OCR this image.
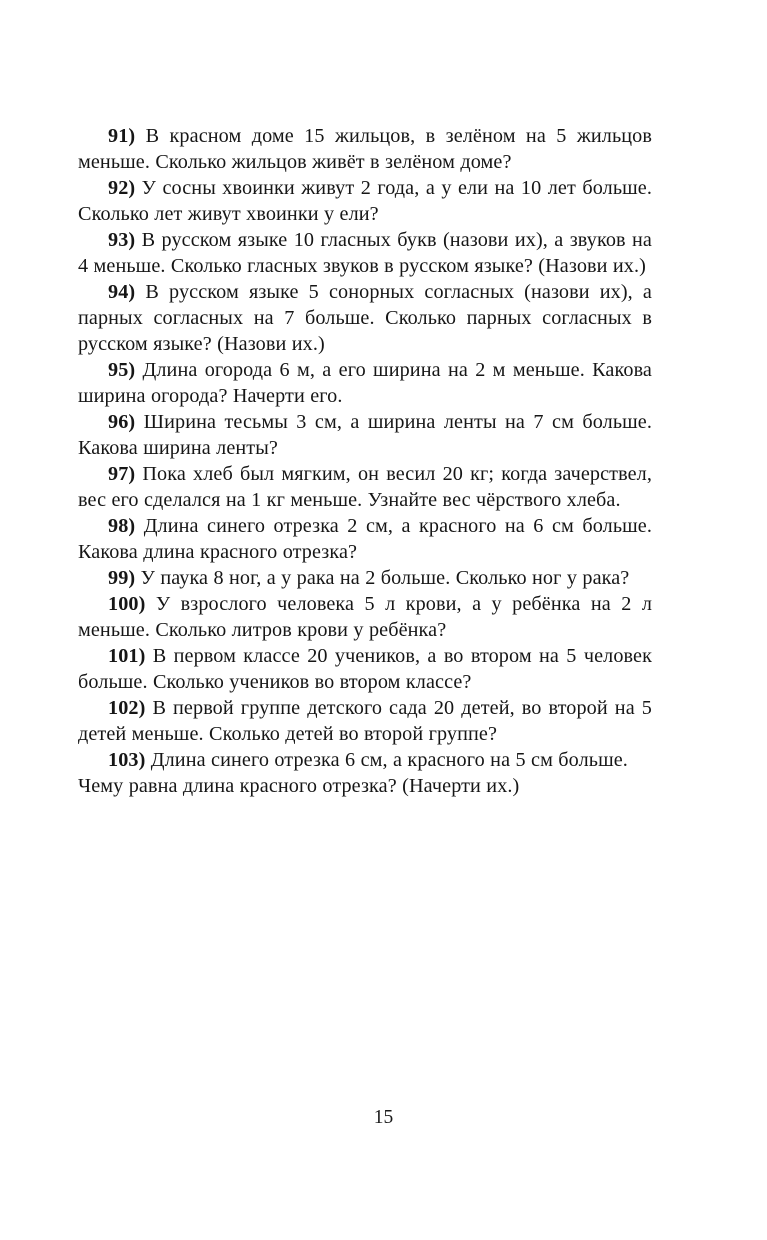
91) В красном доме 15 жильцов, в зелёном на 5 жильцов меньше. Сколько жильцов живёт в зелёном доме?

92) У сосны хвоинки живут 2 года, а у ели на 10 лет больше. Сколько лет живут хвоинки у ели?

93) В русском языке 10 гласных букв (назови их), а звуков на 4 меньше. Сколько гласных звуков в русском языке? (Назови их.)

94) В русском языке 5 сонорных согласных (назови их), а парных согласных на 7 больше. Сколько парных согласных в русском языке? (Назови их.)

95) Длина огорода 6 м, а его ширина на 2 м меньше. Какова ширина огорода? Начерти его.

96) Ширина тесьмы 3 см, а ширина ленты на 7 см больше. Какова ширина ленты?

97) Пока хлеб был мягким, он весил 20 кг; когда зачерствел, вес его сделался на 1 кг меньше. Узнайте вес чёрствого хлеба.

98) Длина синего отрезка 2 см, а красного на 6 см больше. Какова длина красного отрезка?

99) У паука 8 ног, а у рака на 2 больше. Сколько ног у рака?

100) У взрослого человека 5 л крови, а у ребёнка на 2 л меньше. Сколько литров крови у ребёнка?

101) В первом классе 20 учеников, а во втором на 5 человек больше. Сколько учеников во втором классе?

102) В первой группе детского сада 20 детей, во второй на 5 детей меньше. Сколько детей во второй группе?

103) Длина синего отрезка 6 см, а красного на 5 см больше. Чему равна длина красного отрезка? (Начерти их.)

15
